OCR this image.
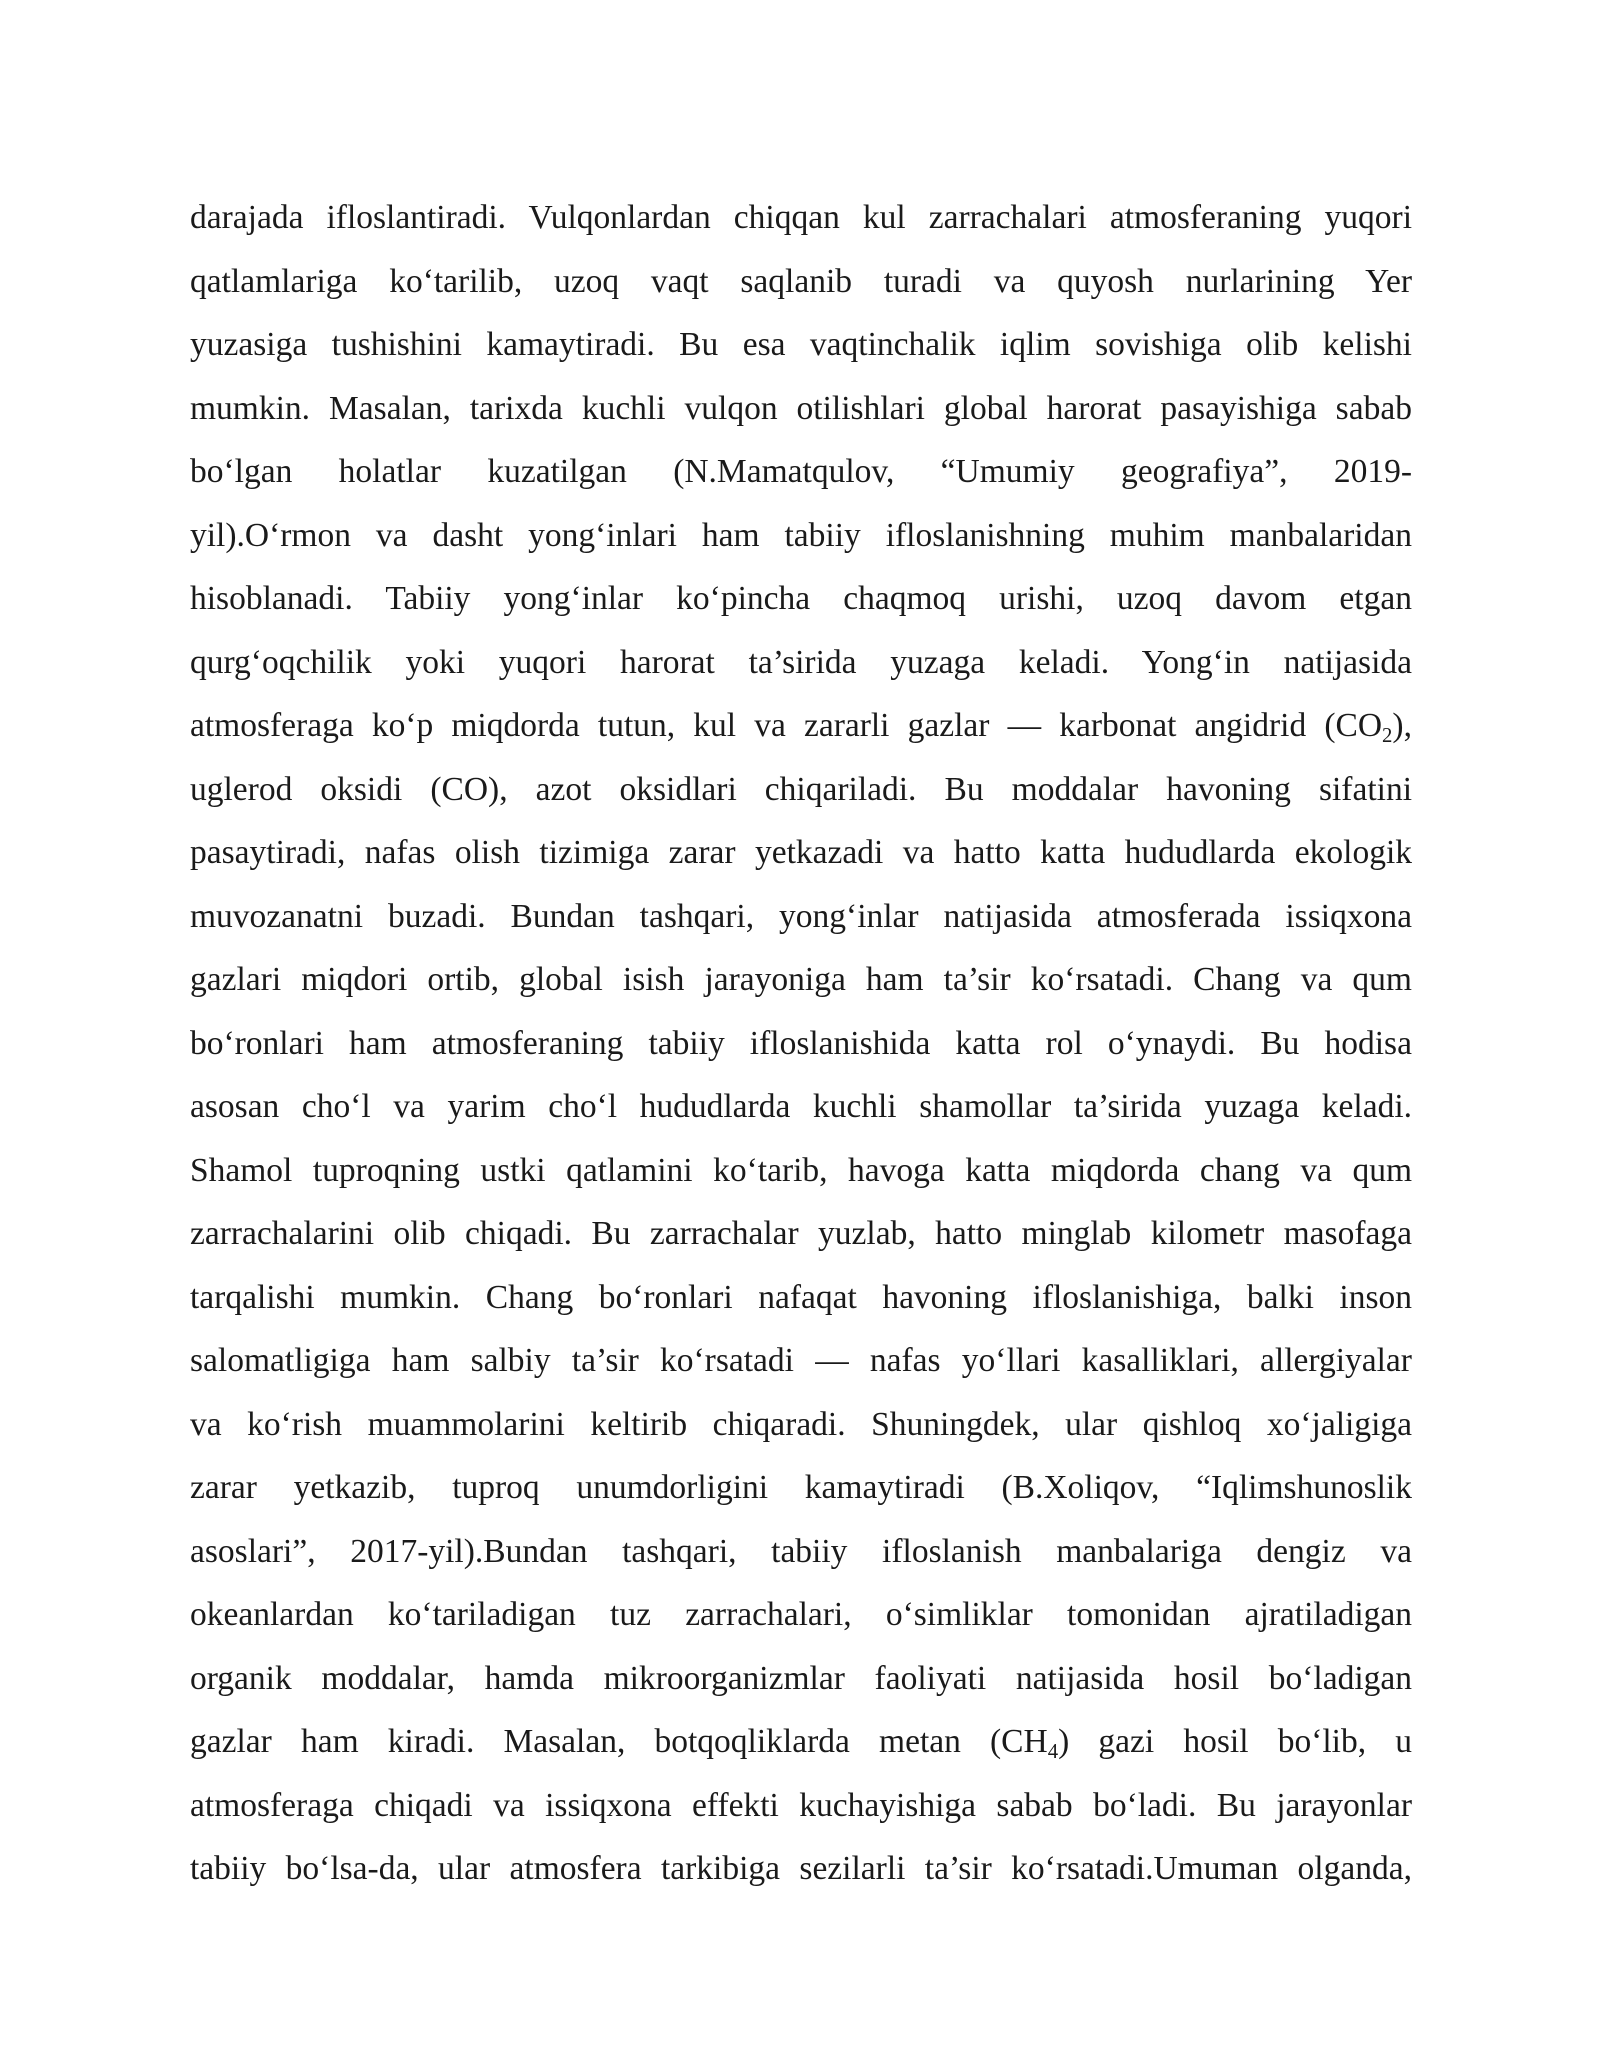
darajada ifloslantiradi. Vulqonlardan chiqqan kul zarrachalari atmosferaning yuqori
qatlamlariga ko‘tarilib, uzoq vaqt saqlanib turadi va quyosh nurlarining Yer
yuzasiga tushishini kamaytiradi. Bu esa vaqtinchalik iqlim sovishiga olib kelishi
mumkin. Masalan, tarixda kuchli vulqon otilishlari global harorat pasayishiga sabab
bo‘lgan holatlar kuzatilgan (N.Mamatqulov, “Umumiy geografiya”, 2019-
yil).O‘rmon va dasht yong‘inlari ham tabiiy ifloslanishning muhim manbalaridan
hisoblanadi. Tabiiy yong‘inlar ko‘pincha chaqmoq urishi, uzoq davom etgan
qurg‘oqchilik yoki yuqori harorat ta’sirida yuzaga keladi. Yong‘in natijasida
atmosferaga ko‘p miqdorda tutun, kul va zararli gazlar — karbonat angidrid $(CO_2)$,
uglerod oksidi (CO), azot oksidlari chiqariladi. Bu moddalar havoning sifatini
pasaytiradi, nafas olish tizimiga zarar yetkazadi va hatto katta hududlarda ekologik
muvozanatni buzadi. Bundan tashqari, yong‘inlar natijasida atmosferada issiqxona
gazlari miqdori ortib, global isish jarayoniga ham ta’sir ko‘rsatadi. Chang va qum
bo‘ronlari ham atmosferaning tabiiy ifloslanishida katta rol o‘ynaydi. Bu hodisa
asosan cho‘l va yarim cho‘l hududlarda kuchli shamollar ta’sirida yuzaga keladi.
Shamol tuproqning ustki qatlamini ko‘tarib, havoga katta miqdorda chang va qum
zarrachalarini olib chiqadi. Bu zarrachalar yuzlab, hatto minglab kilometr masofaga
tarqalishi mumkin. Chang bo‘ronlari nafaqat havoning ifloslanishiga, balki inson
salomatligiga ham salbiy ta’sir ko‘rsatadi — nafas yo‘llari kasalliklari, allergiyalar
va ko‘rish muammolarini keltirib chiqaradi. Shuningdek, ular qishloq xo‘jaligiga
zarar yetkazib, tuproq unumdorligini kamaytiradi (B.Xoliqov, “Iqlimshunoslik
asoslari”, 2017-yil).Bundan tashqari, tabiiy ifloslanish manbalariga dengiz va
okeanlardan ko‘tariladigan tuz zarrachalari, o‘simliklar tomonidan ajratiladigan
organik moddalar, hamda mikroorganizmlar faoliyati natijasida hosil bo‘ladigan
gazlar ham kiradi. Masalan, botqoqliklarda metan $(CH_4)$ gazi hosil bo‘lib, u
atmosferaga chiqadi va issiqxona effekti kuchayishiga sabab bo‘ladi. Bu jarayonlar
tabiiy bo‘lsa-da, ular atmosfera tarkibiga sezilarli ta’sir ko‘rsatadi.Umuman olganda,
